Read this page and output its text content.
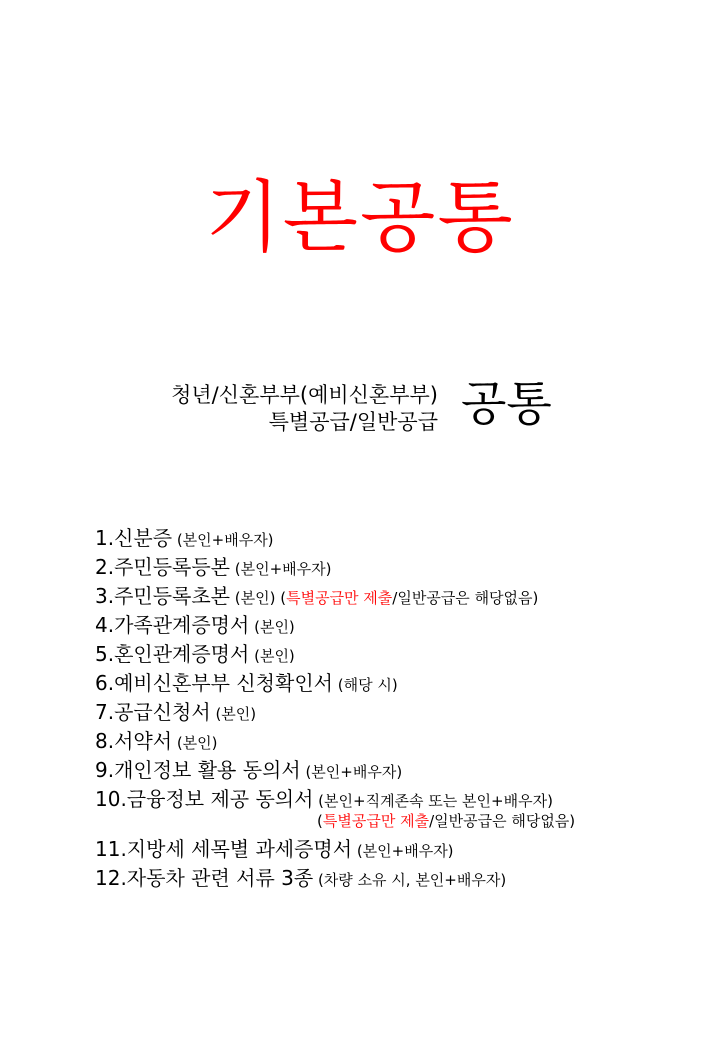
기본공통
청년/신혼부부(예비신혼부부)
특별공급/일반공급 공통
1.신분증 (본인+배우자)
2.주민등록등본 (본인+배우자)
3.주민등록초본 (본인) (특별공급만 제출/일반공급은 해당없음)
4.가족관계증명서 (본인)
5.혼인관계증명서 (본인)
6.예비신혼부부 신청확인서 (해당 시)
7.공급신청서 (본인)
8.서약서 (본인)
9.개인정보 활용 동의서 (본인+배우자)
10.금융정보 제공 동의서 (본인+직계존속 또는 본인+배우자)
(특별공급만 제출/일반공급은 해당없음)
11.지방세 세목별 과세증명서 (본인+배우자)
12.자동차 관련 서류 3종 (차량 소유 시, 본인+배우자)
